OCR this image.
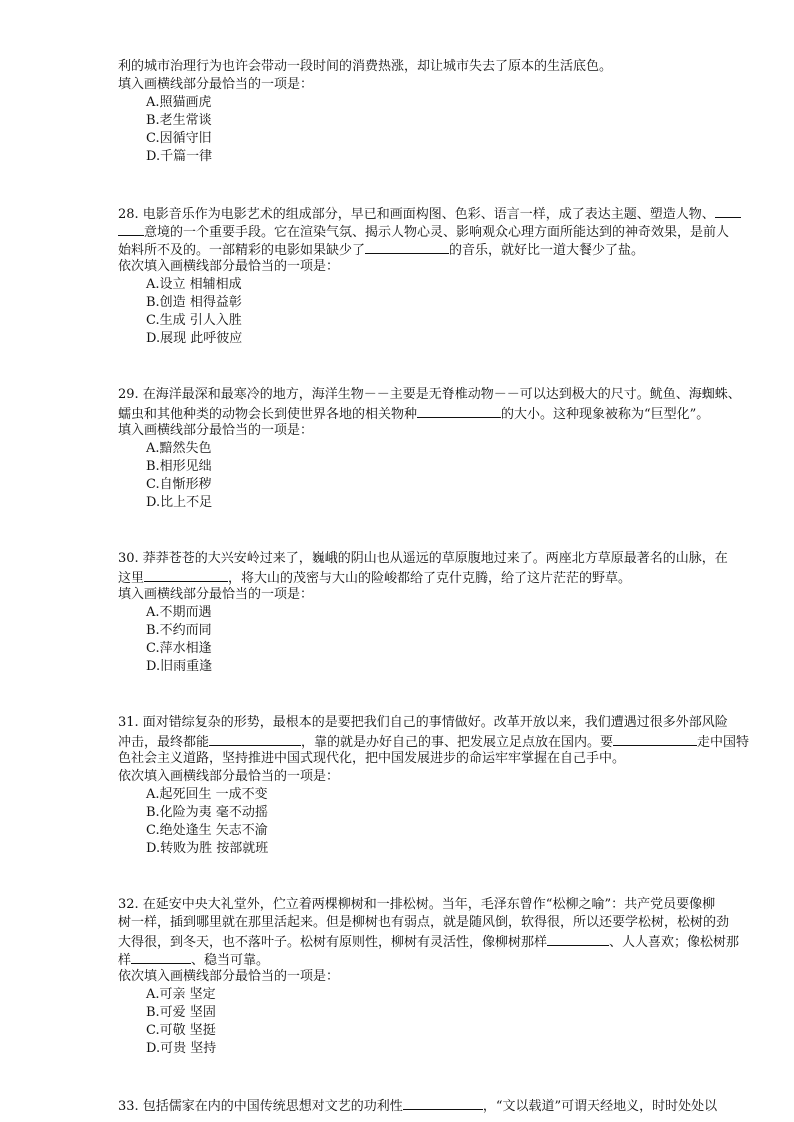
利的城市治理行为也许会带动一段时间的消费热涨，却让城市失去了原本的生活底色。
填入画横线部分最恰当的一项是：
A.照猫画虎
B.老生常谈
C.因循守旧
D.千篇一律
28. 电影音乐作为电影艺术的组成部分，早已和画面构图、色彩、语言一样，成了表达主题、塑造人物、
意境的一个重要手段。它在渲染气氛、揭示人物心灵、影响观众心理方面所能达到的神奇效果，是前人
始料所不及的。一部精彩的电影如果缺少了	的音乐，就好比一道大餐少了盐。
依次填入画横线部分最恰当的一项是：
A.设立 相辅相成
B.创造 相得益彰
C.生成 引人入胜
D.展现 此呼彼应
29. 在海洋最深和最寒冷的地方，海洋生物－－主要是无脊椎动物－－可以达到极大的尺寸。鱿鱼、海蜘蛛、
蠕虫和其他种类的动物会长到使世界各地的相关物种	的大小。这种现象被称为“巨型化”。
填入画横线部分最恰当的一项是：
A.黯然失色
B.相形见绌
C.自惭形秽
D.比上不足
30. 莽莽苍苍的大兴安岭过来了，巍峨的阴山也从遥远的草原腹地过来了。两座北方草原最著名的山脉，在
这里	，将大山的茂密与大山的险峻都给了克什克腾，给了这片茫茫的野草。
填入画横线部分最恰当的一项是：
A.不期而遇
B.不约而同
C.萍水相逢
D.旧雨重逢
31. 面对错综复杂的形势，最根本的是要把我们自己的事情做好。改革开放以来，我们遭遇过很多外部风险
冲击，最终都能	，靠的就是办好自己的事、把发展立足点放在国内。要	走中国特
色社会主义道路，坚持推进中国式现代化，把中国发展进步的命运牢牢掌握在自己手中。
依次填入画横线部分最恰当的一项是：
A.起死回生 一成不变
B.化险为夷 毫不动摇
C.绝处逢生 矢志不渝
D.转败为胜 按部就班
32. 在延安中央大礼堂外，伫立着两棵柳树和一排松树。当年，毛泽东曾作“松柳之喻”：共产党员要像柳
树一样，插到哪里就在那里活起来。但是柳树也有弱点，就是随风倒，软得很，所以还要学松树，松树的劲
大得很，到冬天，也不落叶子。松树有原则性，柳树有灵活性，像柳树那样	、人人喜欢；像松树那
样	、稳当可靠。
依次填入画横线部分最恰当的一项是：
A.可亲 坚定
B.可爱 坚固
C.可敬 坚挺
D.可贵 坚持
33. 包括儒家在内的中国传统思想对文艺的功利性	，“文以载道”可谓天经地义，时时处处以
